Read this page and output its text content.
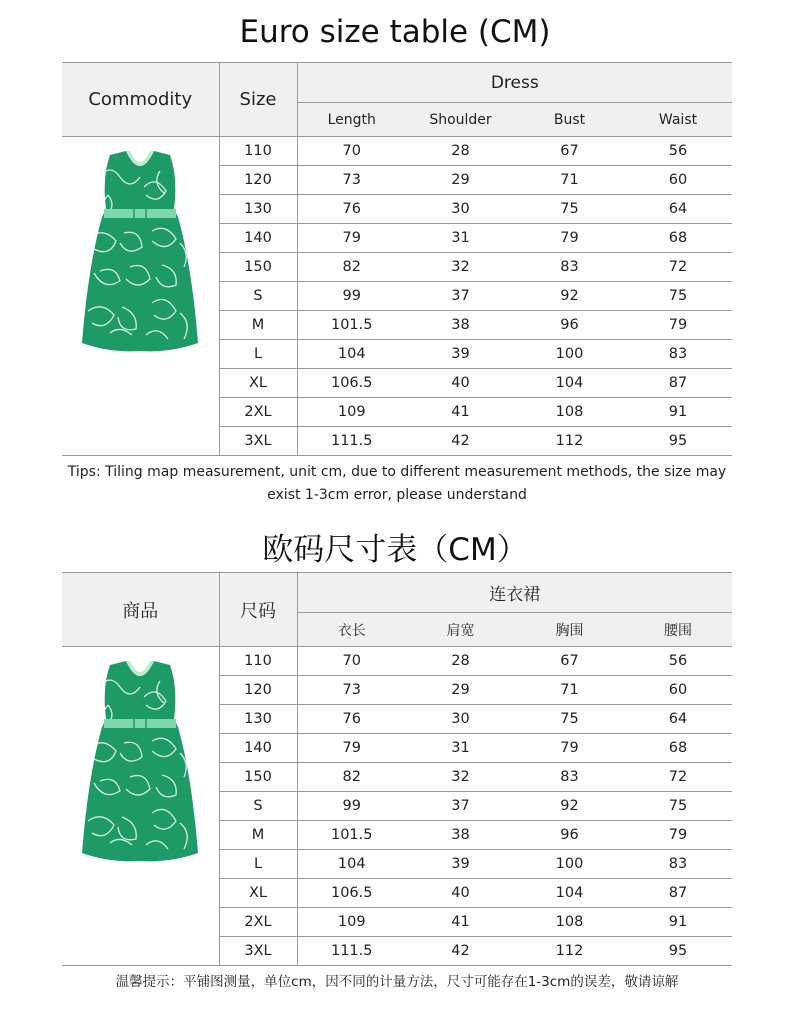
Euro size table (CM)
Commodity	Size	Dress			
		Length	Shoulder	Bust	Waist

	110	70	28	67	56
	120	73	29	71	60
	130	76	30	75	64
	140	79	31	79	68
	150	82	32	83	72
	S	99	37	92	75
	M	101.5	38	96	79
	L	104	39	100	83
	XL	106.5	40	104	87
	2XL	109	41	108	91
	3XL	111.5	42	112	95
Tips: Tiling map measurement, unit cm, due to different measurement methods, the size may exist 1-3cm error, please understand
欧码尺寸表（CM）
商品	尺码	连衣裙			
		衣长	肩宽	胸围	腰围

	110	70	28	67	56
	120	73	29	71	60
	130	76	30	75	64
	140	79	31	79	68
	150	82	32	83	72
	S	99	37	92	75
	M	101.5	38	96	79
	L	104	39	100	83
	XL	106.5	40	104	87
	2XL	109	41	108	91
	3XL	111.5	42	112	95
温馨提示：平铺图测量，单位cm，因不同的计量方法，尺寸可能存在1-3cm的误差，敬请谅解
